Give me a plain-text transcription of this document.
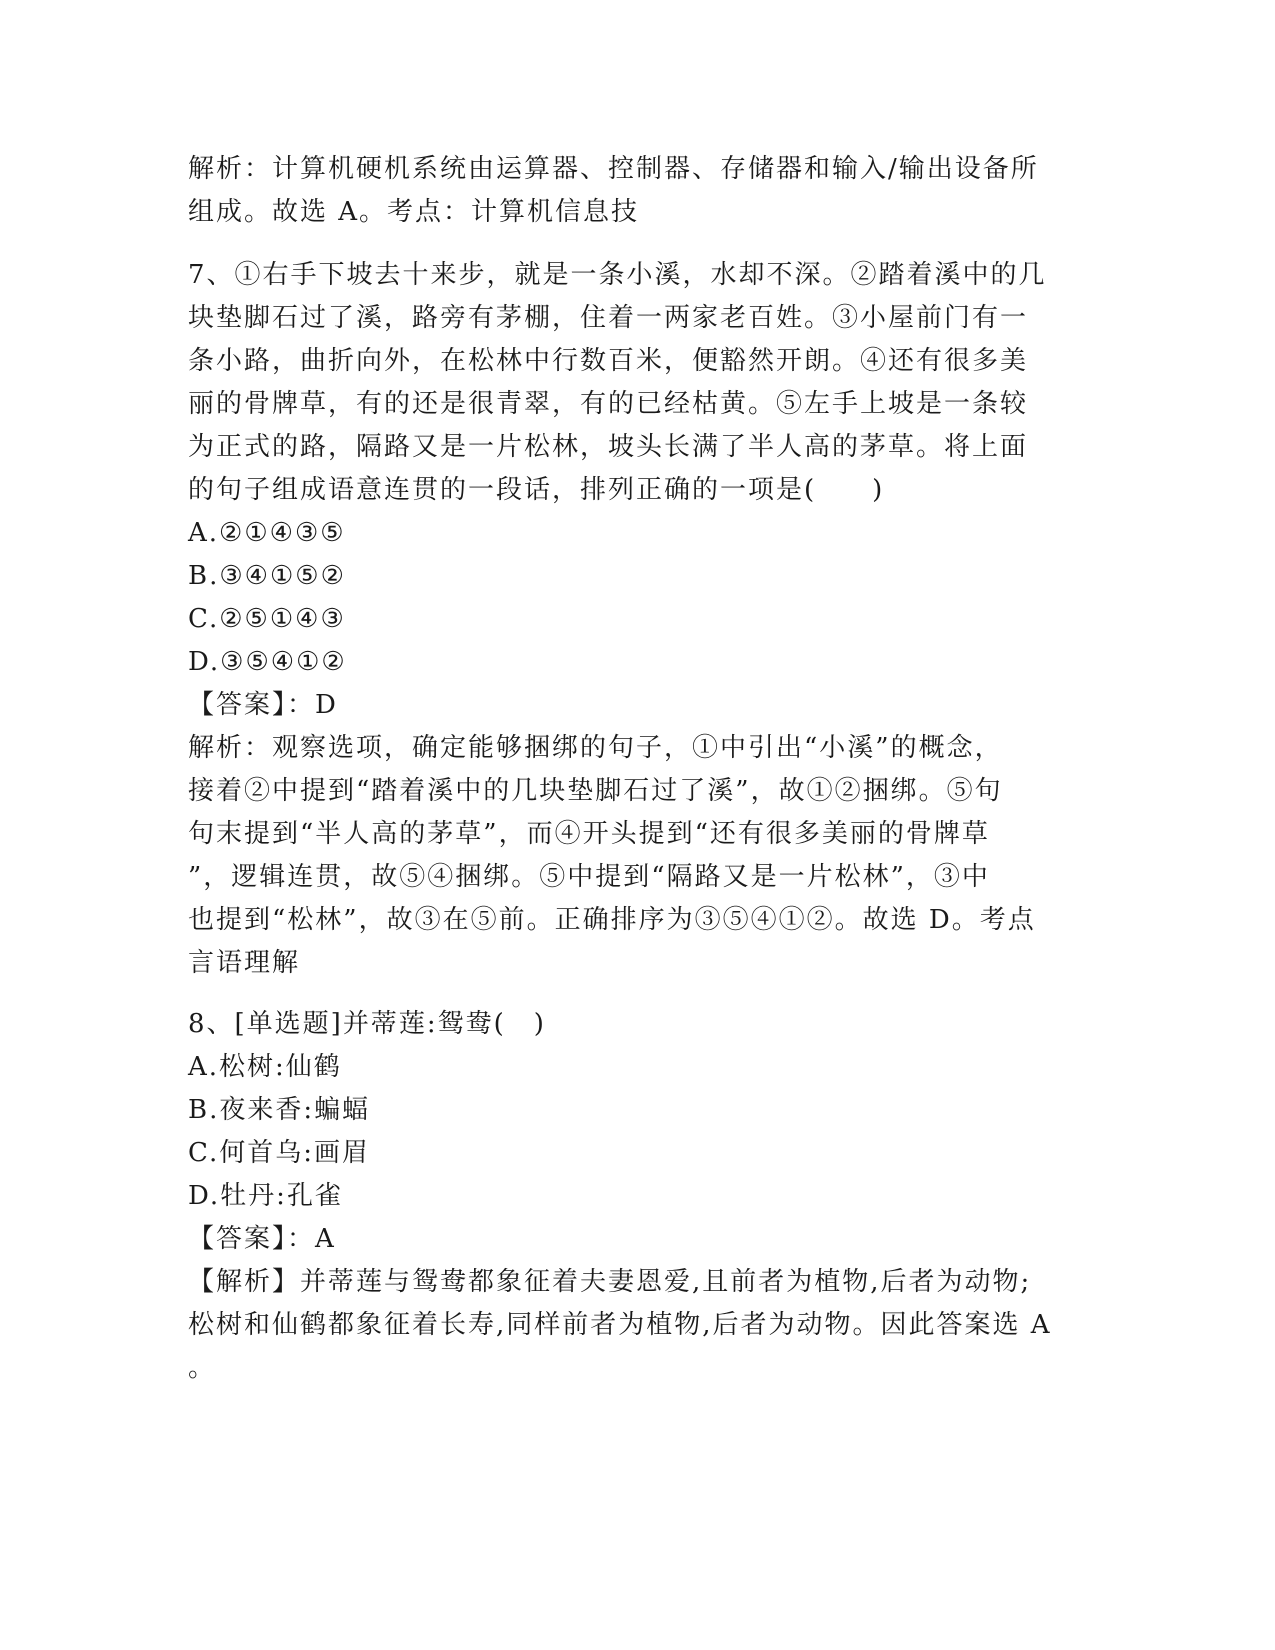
解析：计算机硬机系统由运算器、控制器、存储器和输入/输出设备所
组成。故选 A。考点：计算机信息技
7、①右手下坡去十来步，就是一条小溪，水却不深。②踏着溪中的几
块垫脚石过了溪，路旁有茅棚，住着一两家老百姓。③小屋前门有一
条小路，曲折向外，在松林中行数百米，便豁然开朗。④还有很多美
丽的骨牌草，有的还是很青翠，有的已经枯黄。⑤左手上坡是一条较
为正式的路，隔路又是一片松林，坡头长满了半人高的茅草。将上面
的句子组成语意连贯的一段话，排列正确的一项是(　　)
A.②①④③⑤
B.③④①⑤②
C.②⑤①④③
D.③⑤④①②
【答案】：D
解析：观察选项，确定能够捆绑的句子，①中引出“小溪”的概念，
接着②中提到“踏着溪中的几块垫脚石过了溪”，故①②捆绑。⑤句
句末提到“半人高的茅草”，而④开头提到“还有很多美丽的骨牌草
”，逻辑连贯，故⑤④捆绑。⑤中提到“隔路又是一片松林”，③中
也提到“松林”，故③在⑤前。正确排序为③⑤④①②。故选 D。考点
言语理解
8、[单选题]并蒂莲:鸳鸯(　)
A.松树:仙鹤
B.夜来香:蝙蝠
C.何首乌:画眉
D.牡丹:孔雀
【答案】：A
【解析】并蒂莲与鸳鸯都象征着夫妻恩爱,且前者为植物,后者为动物;
松树和仙鹤都象征着长寿,同样前者为植物,后者为动物。因此答案选 A
。
